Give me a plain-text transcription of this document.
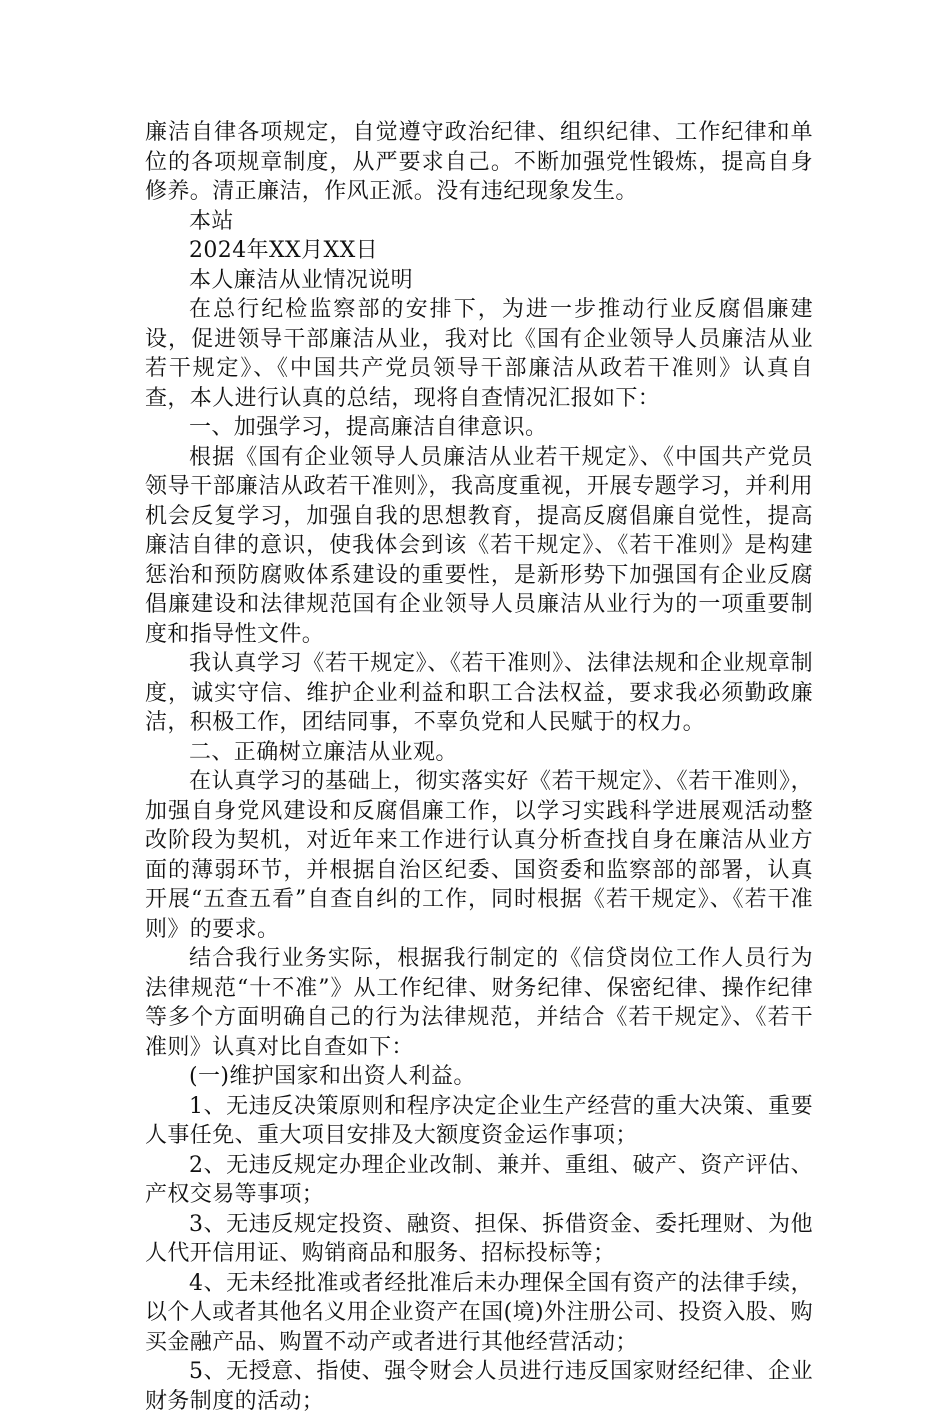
廉洁自律各项规定，自觉遵守政治纪律、组织纪律、工作纪律和单位的各项规章制度，从严要求自己。不断加强党性锻炼，提高自身修养。清正廉洁，作风正派。没有违纪现象发生。

本站

2024年XX月XX日

本人廉洁从业情况说明

在总行纪检监察部的安排下，为进一步推动行业反腐倡廉建设，促进领导干部廉洁从业，我对比《国有企业领导人员廉洁从业若干规定》、《中国共产党员领导干部廉洁从政若干准则》认真自查，本人进行认真的总结，现将自查情况汇报如下：

一、加强学习，提高廉洁自律意识。

根据《国有企业领导人员廉洁从业若干规定》、《中国共产党员领导干部廉洁从政若干准则》，我高度重视，开展专题学习，并利用机会反复学习，加强自我的思想教育，提高反腐倡廉自觉性，提高廉洁自律的意识，使我体会到该《若干规定》、《若干准则》是构建惩治和预防腐败体系建设的重要性，是新形势下加强国有企业反腐倡廉建设和法律规范国有企业领导人员廉洁从业行为的一项重要制度和指导性文件。

我认真学习《若干规定》、《若干准则》、法律法规和企业规章制度，诚实守信、维护企业利益和职工合法权益，要求我必须勤政廉洁，积极工作，团结同事，不辜负党和人民赋于的权力。

二、正确树立廉洁从业观。

在认真学习的基础上，彻实落实好《若干规定》、《若干准则》，加强自身党风建设和反腐倡廉工作，以学习实践科学进展观活动整改阶段为契机，对近年来工作进行认真分析查找自身在廉洁从业方面的薄弱环节，并根据自治区纪委、国资委和监察部的部署，认真开展“五查五看”自查自纠的工作，同时根据《若干规定》、《若干准则》的要求。

结合我行业务实际，根据我行制定的《信贷岗位工作人员行为法律规范“十不准”》从工作纪律、财务纪律、保密纪律、操作纪律等多个方面明确自己的行为法律规范，并结合《若干规定》、《若干准则》认真对比自查如下：

(一)维护国家和出资人利益。

1、无违反决策原则和程序决定企业生产经营的重大决策、重要人事任免、重大项目安排及大额度资金运作事项；

2、无违反规定办理企业改制、兼并、重组、破产、资产评估、产权交易等事项；

3、无违反规定投资、融资、担保、拆借资金、委托理财、为他人代开信用证、购销商品和服务、招标投标等；

4、无未经批准或者经批准后未办理保全国有资产的法律手续，以个人或者其他名义用企业资产在国(境)外注册公司、投资入股、购买金融产品、购置不动产或者进行其他经营活动；

5、无授意、指使、强令财会人员进行违反国家财经纪律、企业财务制度的活动；
